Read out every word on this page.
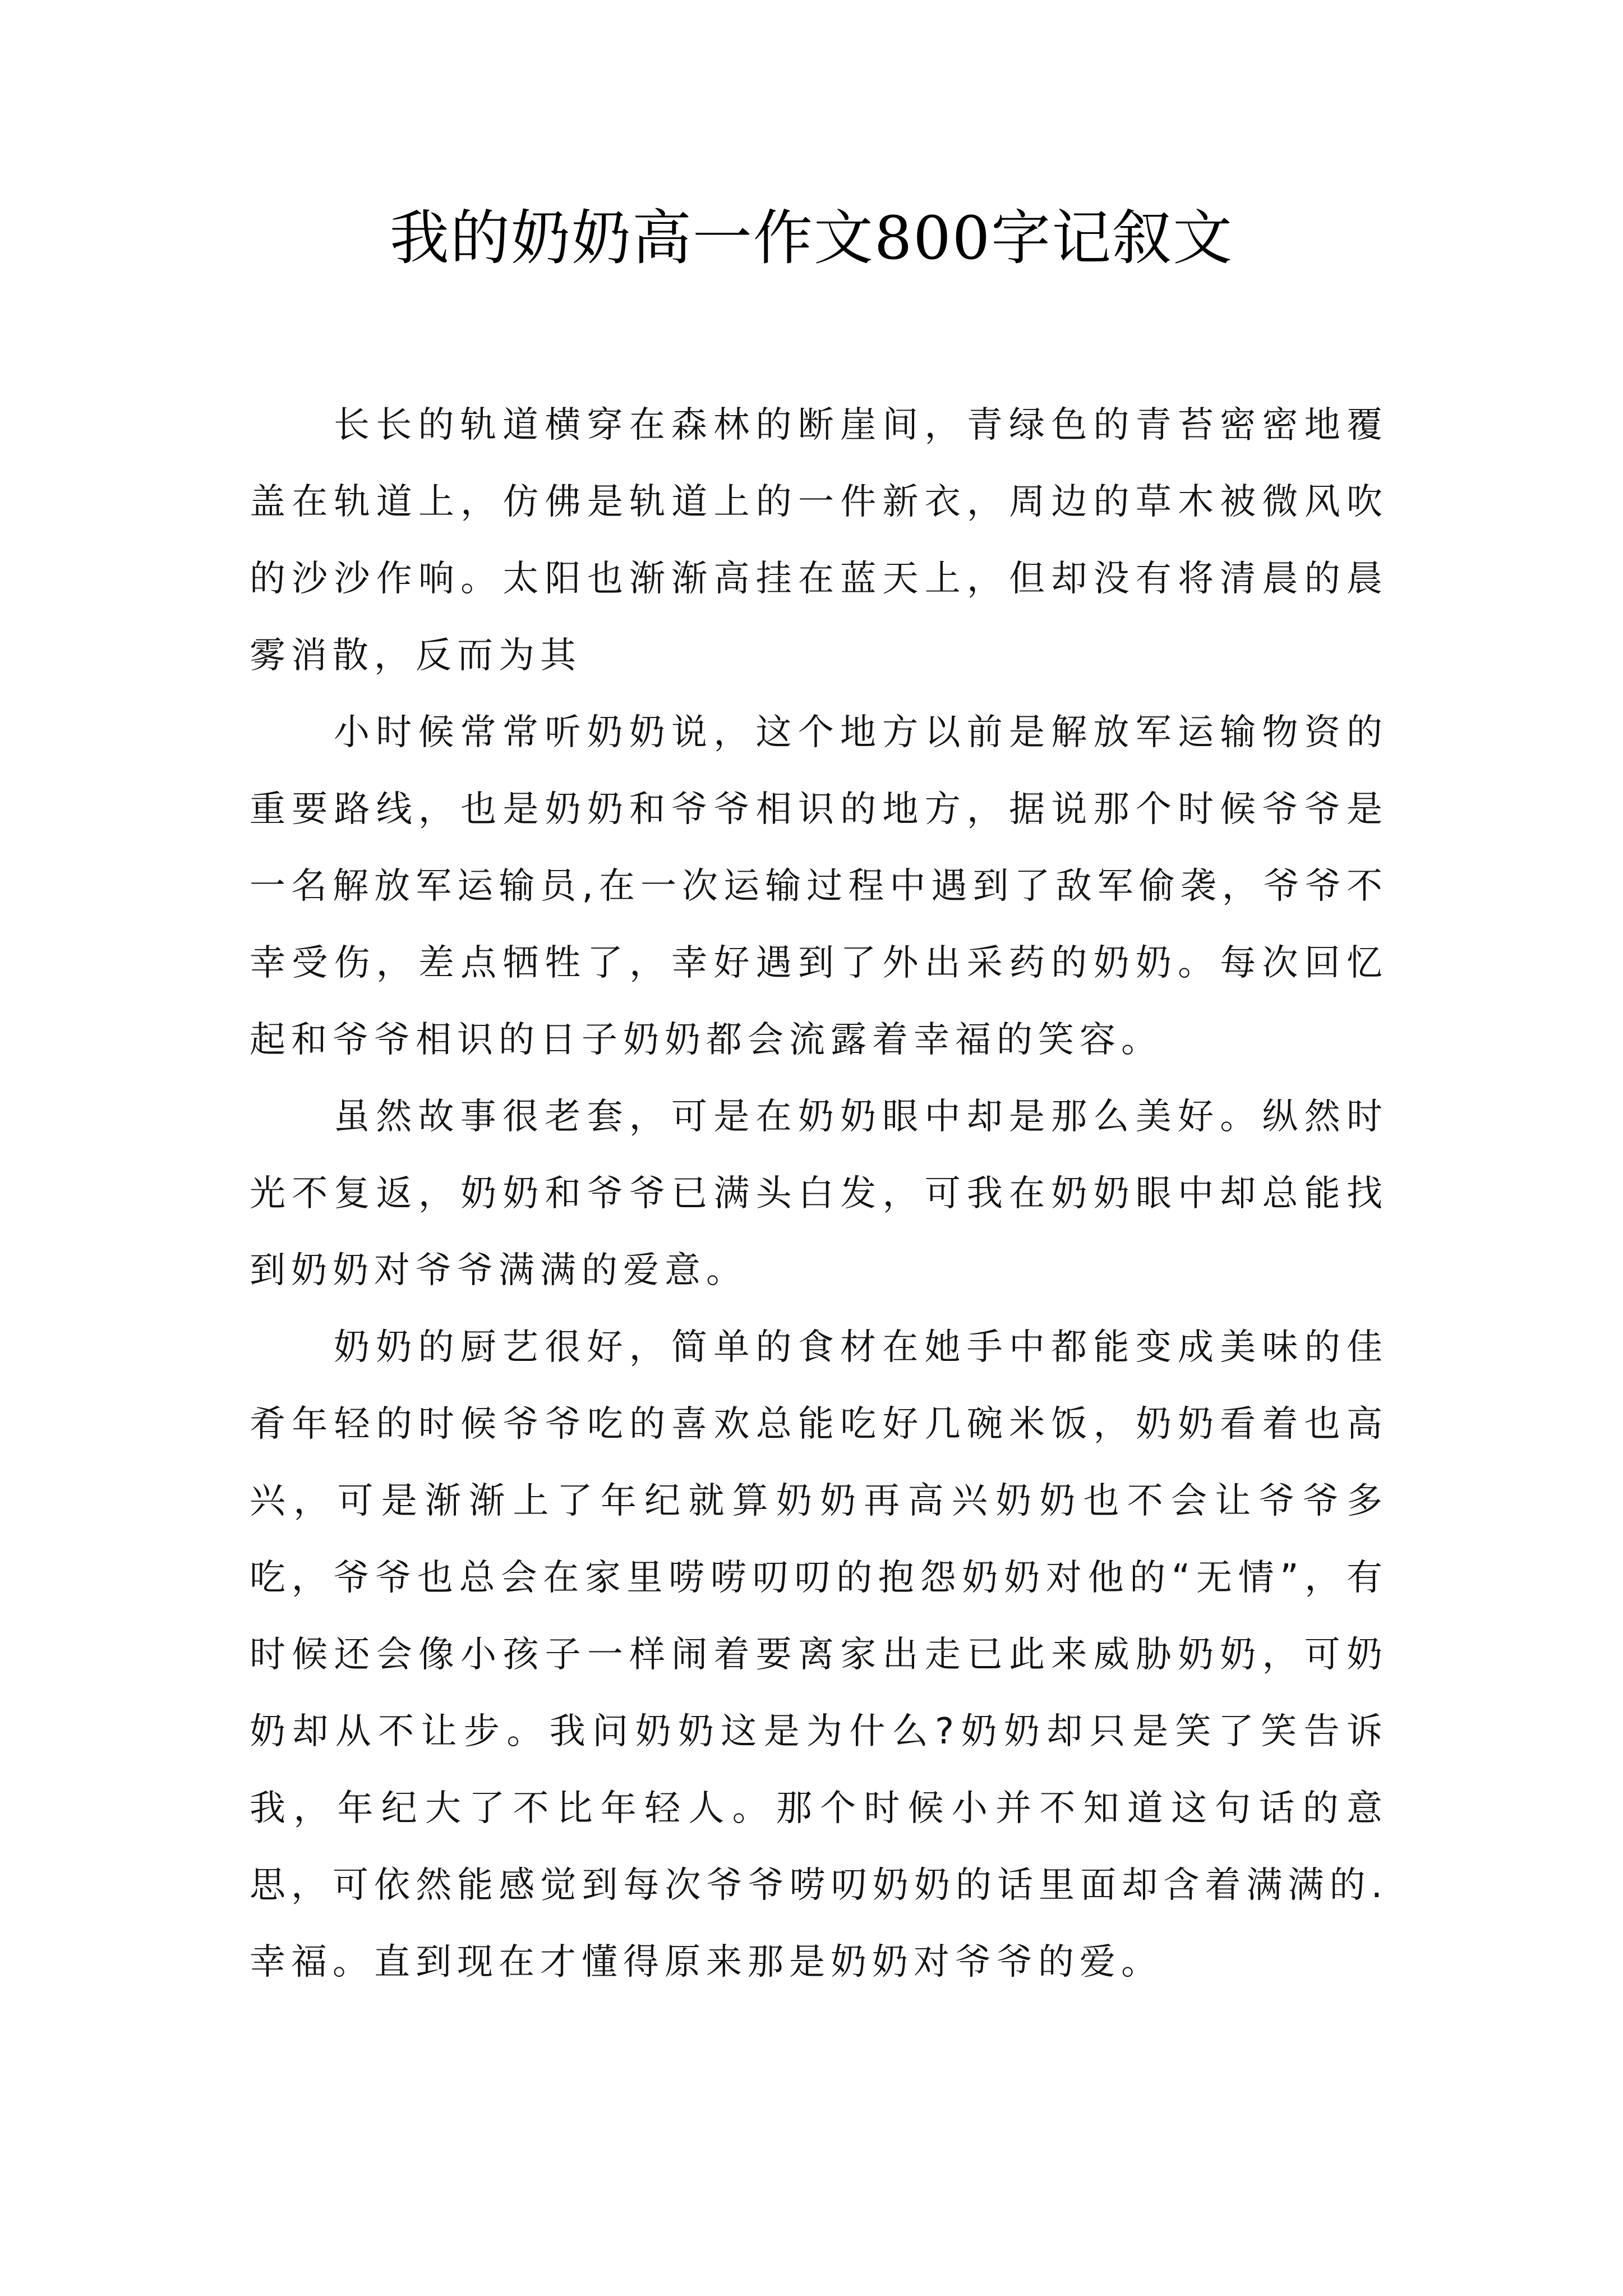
我的奶奶高一作文800字记叙文

长长的轨道横穿在森林的断崖间，青绿色的青苔密密地覆盖在轨道上，仿佛是轨道上的一件新衣，周边的草木被微风吹的沙沙作响。太阳也渐渐高挂在蓝天上，但却没有将清晨的晨雾消散，反而为其

小时候常常听奶奶说，这个地方以前是解放军运输物资的重要路线，也是奶奶和爷爷相识的地方，据说那个时候爷爷是一名解放军运输员,在一次运输过程中遇到了敌军偷袭，爷爷不幸受伤，差点牺牲了，幸好遇到了外出采药的奶奶。每次回忆起和爷爷相识的日子奶奶都会流露着幸福的笑容。

虽然故事很老套，可是在奶奶眼中却是那么美好。纵然时光不复返，奶奶和爷爷已满头白发，可我在奶奶眼中却总能找到奶奶对爷爷满满的爱意。

奶奶的厨艺很好，简单的食材在她手中都能变成美味的佳肴年轻的时候爷爷吃的喜欢总能吃好几碗米饭，奶奶看着也高兴，可是渐渐上了年纪就算奶奶再高兴奶奶也不会让爷爷多吃，爷爷也总会在家里唠唠叨叨的抱怨奶奶对他的“无情”，有时候还会像小孩子一样闹着要离家出走已此来威胁奶奶，可奶奶却从不让步。我问奶奶这是为什么?奶奶却只是笑了笑告诉我，年纪大了不比年轻人。那个时候小并不知道这句话的意思，可依然能感觉到每次爷爷唠叨奶奶的话里面却含着满满的.幸福。直到现在才懂得原来那是奶奶对爷爷的爱。
